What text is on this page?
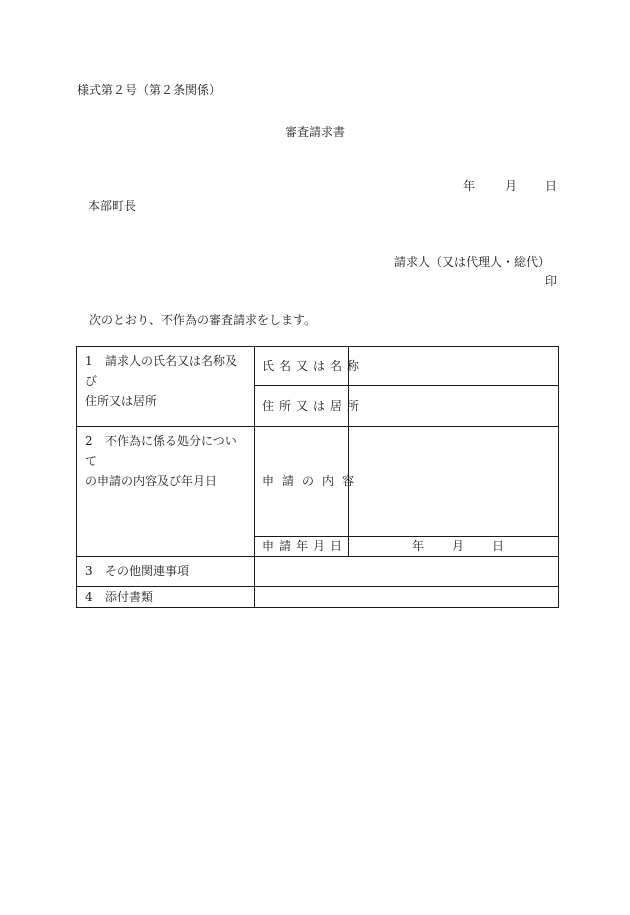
様式第２号（第２条関係）
審査請求書
年	月 日
本部町長
請求人（又は代理人・総代）
印
次のとおり、不作為の審査請求をします。
1 請求人の氏名又は名称及び
住所又は居所	氏名又は名称	
	住所又は居所	
2 不作為に係る処分について
の申請の内容及び年月日	申請の内容	
	申請年月日	年 月 日
3 その他関連事項		
4 添付書類		
